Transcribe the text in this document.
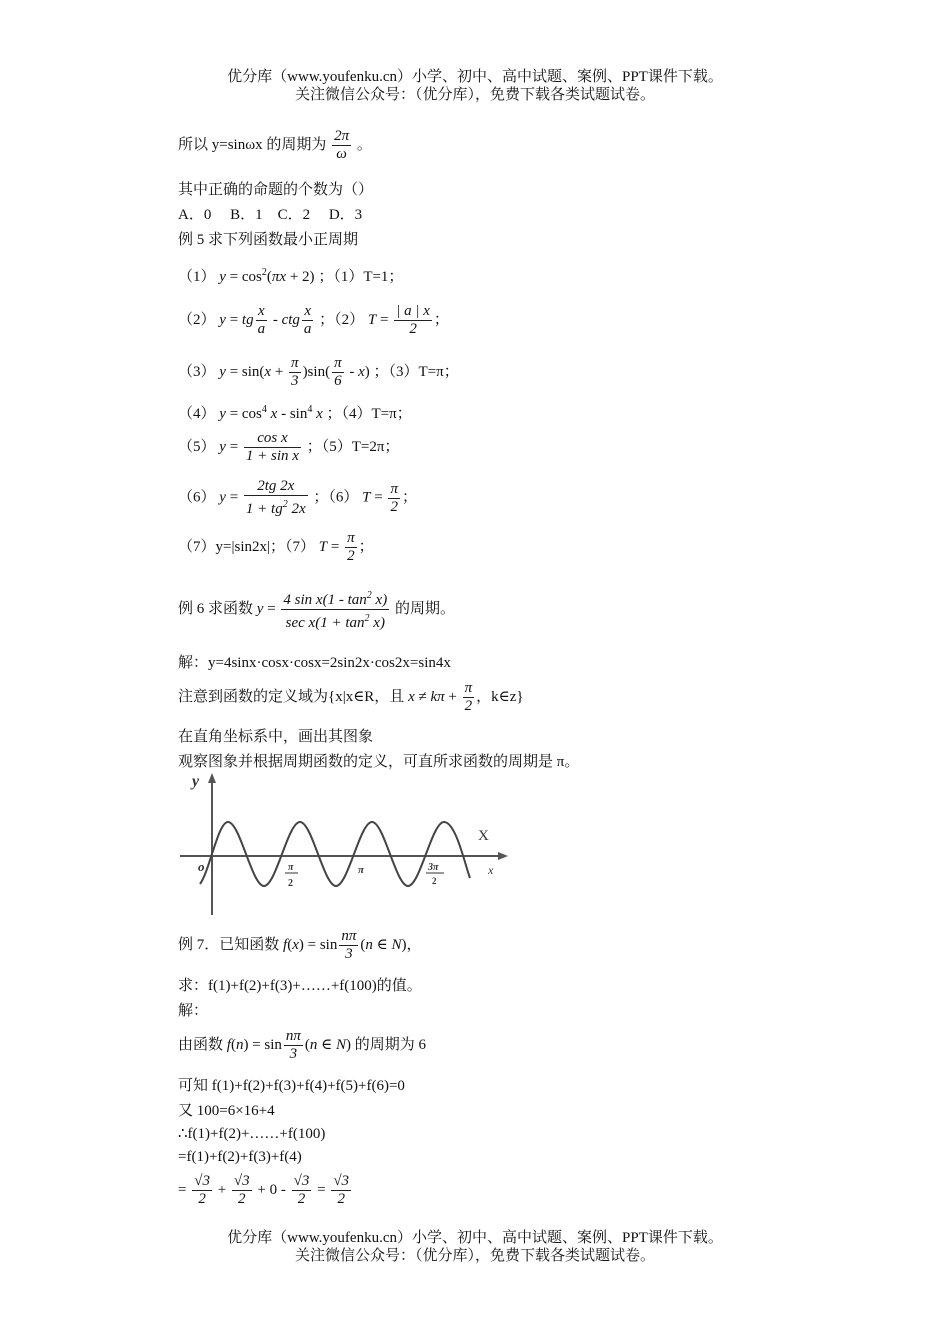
优分库（www.youfenku.cn）小学、初中、高中试题、案例、PPT课件下载。
关注微信公众号：（优分库），免费下载各类试题试卷。
所以 y=sinωx 的周期为 $\frac{2\pi}{\omega}$ 。
其中正确的命题的个数为（）
A．0　 B．1　C．2　 D．3
例 5 求下列函数最小正周期
（1） $y = \cos^2(\pi x + 2)$ ；（1）T=1；
（2） y = tg $\frac{x}{a}$ - ctg $\frac{x}{a}$ ；（2） $T = \frac{| a | x}{2}$ ；
（3） $y = \sin(x + \frac{\pi}{3} )\sin( \frac{\pi}{6} - x)$ ；（3）T=π；
（4） $y = \cos^4 x - \sin^4 x$ ；（4）T=π；
（5） $y = \frac{\text{cos x}}{\text{1 + sin x}}$ ；（5）T=2π；
（6） $y = \frac{2tg 2x}{1 + tg^2 2x}$ ；（6） $T = \frac{\pi}{2}$ ；
（7）y=|sin2x|；（7） $T = \frac{\pi}{2}$ ；
例 6 求函数 $y = \frac{4 \sin x(1 - \tan^2 x)}{\sec x(1 + \tan^2 x)}$ 的周期。
解：y=4sinx·cosx·cosx=2sin2x·cos2x=sin4x
注意到函数的定义域为{x|x∈R，且 $x \ne k\pi + \frac{\pi}{2}$ ，k∈z}
在直角坐标系中，画出其图象
观察图象并根据周期函数的定义，可直所求函数的周期是 π。
y
X
x
o	π
2
π	3π
2
例 7．已知函数 $f(x) = \sin \frac{n\pi}{3} (n$ ∈ N)，
求：f(1)+f(2)+f(3)+……+f(100)的值。
解：
由函数 $f(n) = \sin \frac{n\pi}{3} (n$ ∈ N) 的周期为 6
可知 f(1)+f(2)+f(3)+f(4)+f(5)+f(6)=0
又 100=6×16+4
∴f(1)+f(2)+……+f(100)
=f(1)+f(2)+f(3)+f(4)
= $\frac{√3}{2} + \frac{√3}{2} + 0 - \frac{√3}{2} = \frac{√3}{2}$
优分库（www.youfenku.cn）小学、初中、高中试题、案例、PPT课件下载。
关注微信公众号：（优分库），免费下载各类试题试卷。
